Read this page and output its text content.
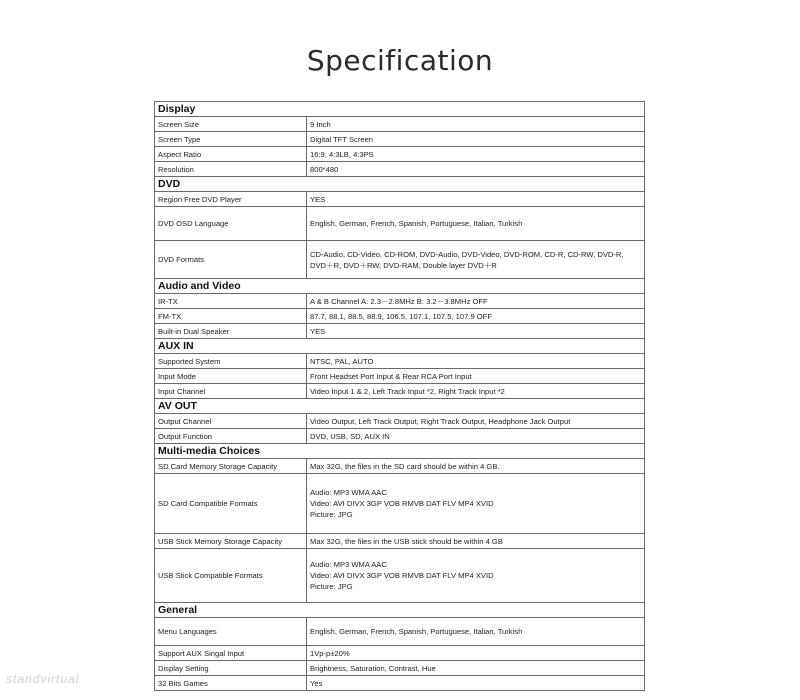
Specification
Display	
Screen Size	9 Inch
Screen Type	Digital TFT Screen
Aspect Ratio	16:9, 4:3LB, 4:3PS
Resolution	800*480
DVD	
Region Free DVD Player	YES
DVD OSD Language	English, German, French, Spanish, Portuguese, Italian, Turkish
DVD Formats	CD-Audio, CD-Video, CD-ROM, DVD-Audio, DVD-Video, DVD-ROM, CD-R, CD-RW, DVD-R, DVD＋R, DVD＋RW, DVD-RAM, Double layer DVD＋R
Audio and Video	
IR-TX	A & B Channel A: 2.3－2.8MHz B: 3.2－3.8MHz OFF
FM-TX	87.7, 88.1, 88.5, 88.9, 106.5, 107.1, 107.5, 107.9 OFF
Built-in Dual Speaker	YES
AUX IN	
Supported System	NTSC, PAL, AUTO
Input Mode	Front Headset Port Input & Rear RCA Port Input
Input Channel	Video Input 1 & 2, Left Track Input *2, Right Track Input *2
AV OUT	
Output Channel	Video Output, Left Track Output, Right Track Output, Headphone Jack Output
Output Function	DVD, USB, SD, AUX IN
Multi-media Choices	
SD Card Memory Storage Capacity	Max 32G, the files in the SD card should be within 4 GB.
SD Card Compatible Formats	Audio: MP3 WMA AAC
Video: AVI DIVX 3GP VOB RMVB DAT FLV MP4 XVID
Picture: JPG

USB Stick Memory Storage Capacity	Max 32G, the files in the USB stick should be within 4 GB
USB Stick Compatible Formats	Audio: MP3 WMA AAC
Video: AVI DIVX 3GP VOB RMVB DAT FLV MP4 XVID
Picture: JPG

General	
Menu Languages	English, German, French, Spanish, Portuguese, Italian, Turkish
Support AUX Singal Input	1Vp-p±20%
Display Setting	Brightness, Saturation, Contrast, Hue
32 Bits Games	Yes
standvirtual
